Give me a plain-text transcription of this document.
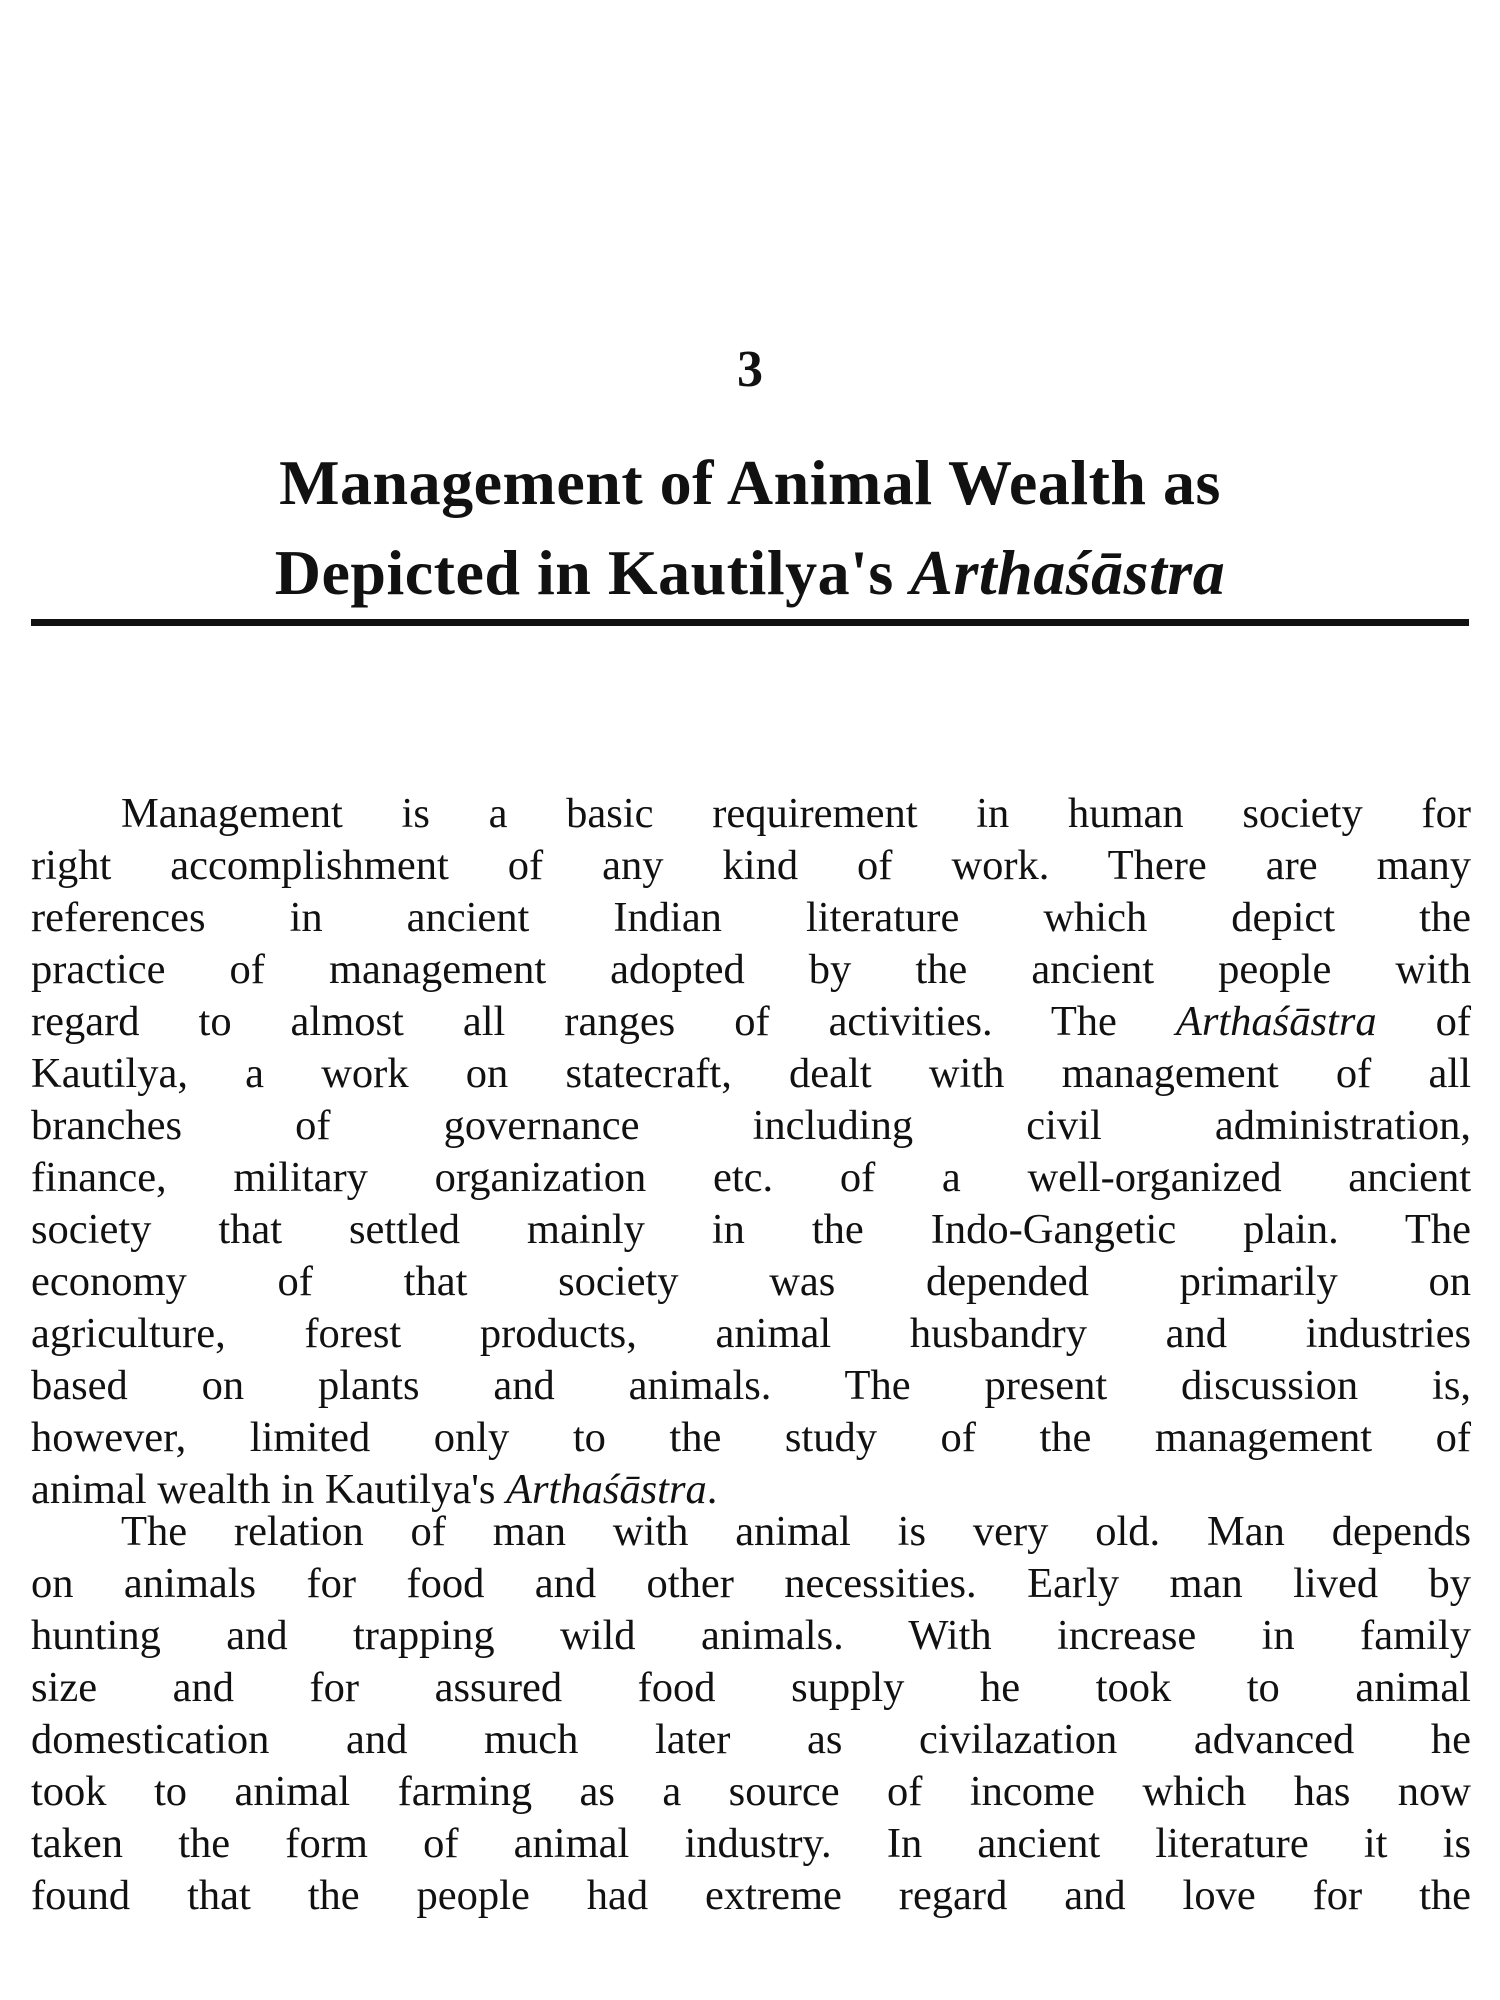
3
Management of Animal Wealth as
Depicted in Kautilya's Arthaśāstra

Management is a basic requirement in human society for
right accomplishment of any kind of work. There are many
references in ancient Indian literature which depict the
practice of management adopted by the ancient people with
regard to almost all ranges of activities. The Arthaśāstra of
Kautilya, a work on statecraft, dealt with management of all
branches of governance including civil administration,
finance, military organization etc. of a well-organized ancient
society that settled mainly in the Indo-Gangetic plain. The
economy of that society was depended primarily on
agriculture, forest products, animal husbandry and industries
based on plants and animals. The present discussion is,
however, limited only to the study of the management of
animal wealth in Kautilya's Arthaśāstra.

The relation of man with animal is very old. Man depends
on animals for food and other necessities. Early man lived by
hunting and trapping wild animals. With increase in family
size and for assured food supply he took to animal
domestication and much later as civilazation advanced he
took to animal farming as a source of income which has now
taken the form of animal industry. In ancient literature it is
found that the people had extreme regard and love for the
